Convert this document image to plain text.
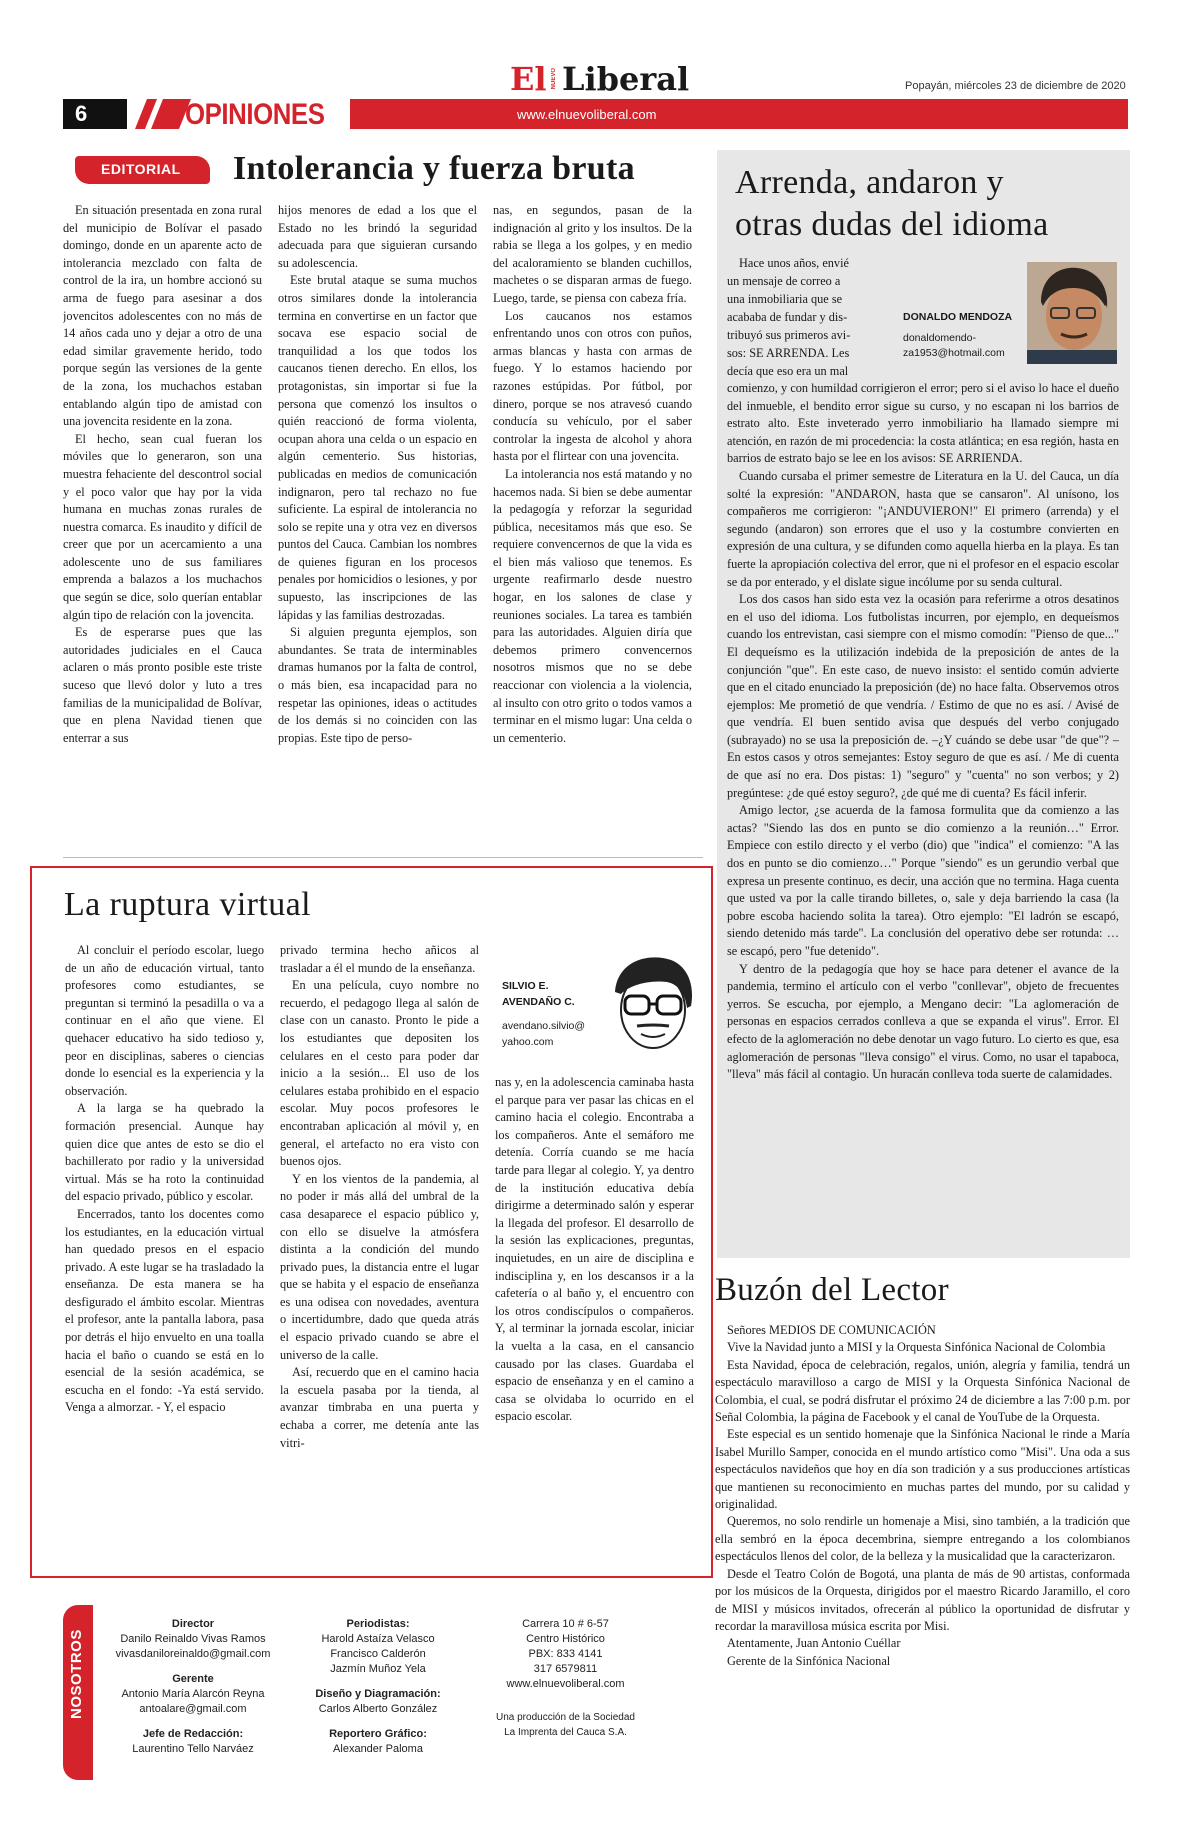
El NUEVO Liberal	Popayán, miércoles 23 de diciembre de 2020
6	OPINIONES	www.elnuevoliberal.com
EDITORIAL Intolerancia y fuerza bruta

En situación presentada en zona rural del municipio de Bolívar el pasado domingo, donde en un aparente acto de intolerancia mezclado con falta de control de la ira, un hombre accionó su arma de fuego para asesinar a dos jovencitos adolescentes con no más de 14 años cada uno y dejar a otro de una edad similar gravemente herido, todo porque según las versiones de la gente de la zona, los muchachos estaban entablando algún tipo de amistad con una jovencita residente en la zona.

El hecho, sean cual fueran los móviles que lo generaron, son una muestra fehaciente del descontrol social y el poco valor que hay por la vida humana en muchas zonas rurales de nuestra comarca. Es inaudito y difícil de creer que por un acercamiento a una adolescente uno de sus familiares emprenda a balazos a los muchachos que según se dice, solo querían entablar algún tipo de relación con la jovencita.

Es de esperarse pues que las autoridades judiciales en el Cauca aclaren o más pronto posible este triste suceso que llevó dolor y luto a tres familias de la municipalidad de Bolívar, que en plena Navidad tienen que enterrar a sus

hijos menores de edad a los que el Estado no les brindó la seguridad adecuada para que siguieran cursando su adolescencia.

Este brutal ataque se suma muchos otros similares donde la intolerancia termina en convertirse en un factor que socava ese espacio social de tranquilidad a los que todos los caucanos tienen derecho. En ellos, los protagonistas, sin importar si fue la persona que comenzó los insultos o quién reaccionó de forma violenta, ocupan ahora una celda o un espacio en algún cementerio. Sus historias, publicadas en medios de comunicación indignaron, pero tal rechazo no fue suficiente. La espiral de intolerancia no solo se repite una y otra vez en diversos puntos del Cauca. Cambian los nombres de quienes figuran en los procesos penales por homicidios o lesiones, y por supuesto, las inscripciones de las lápidas y las familias destrozadas.

Si alguien pregunta ejemplos, son abundantes. Se trata de interminables dramas humanos por la falta de control, o más bien, esa incapacidad para no respetar las opiniones, ideas o actitudes de los demás si no coinciden con las propias. Este tipo de perso-

nas, en segundos, pasan de la indignación al grito y los insultos. De la rabia se llega a los golpes, y en medio del acaloramiento se blanden cuchillos, machetes o se disparan armas de fuego. Luego, tarde, se piensa con cabeza fría.

Los caucanos nos estamos enfrentando unos con otros con puños, armas blancas y hasta con armas de fuego. Y lo estamos haciendo por razones estúpidas. Por fútbol, por dinero, porque se nos atravesó cuando conducía su vehículo, por el saber controlar la ingesta de alcohol y ahora hasta por el flirtear con una jovencita.

La intolerancia nos está matando y no hacemos nada. Si bien se debe aumentar la pedagogía y reforzar la seguridad pública, necesitamos más que eso. Se requiere convencernos de que la vida es el bien más valioso que tenemos. Es urgente reafirmarlo desde nuestro hogar, en los salones de clase y reuniones sociales. La tarea es también para las autoridades. Alguien diría que debemos primero convencernos nosotros mismos que no se debe reaccionar con violencia a la violencia, al insulto con otro grito o todos vamos a terminar en el mismo lugar: Una celda o un cementerio.

La ruptura virtual

Al concluir el período escolar, luego de un año de educación virtual, tanto profesores como estudiantes, se preguntan si terminó la pesadilla o va a continuar en el año que viene. El quehacer educativo ha sido tedioso y, peor en disciplinas, saberes o ciencias donde lo esencial es la experiencia y la observación.

A la larga se ha quebrado la formación presencial. Aunque hay quien dice que antes de esto se dio el bachillerato por radio y la universidad virtual. Más se ha roto la continuidad del espacio privado, público y escolar.

Encerrados, tanto los docentes como los estudiantes, en la educación virtual han quedado presos en el espacio privado. A este lugar se ha trasladado la enseñanza. De esta manera se ha desfigurado el ámbito escolar. Mientras el profesor, ante la pantalla labora, pasa por detrás el hijo envuelto en una toalla hacia el baño o cuando se está en lo esencial de la sesión académica, se escucha en el fondo: -Ya está servido. Venga a almorzar. - Y, el espacio

privado termina hecho añicos al trasladar a él el mundo de la enseñanza.

En una película, cuyo nombre no recuerdo, el pedagogo llega al salón de clase con un canasto. Pronto le pide a los estudiantes que depositen los celulares en el cesto para poder dar inicio a la sesión... El uso de los celulares estaba prohibido en el espacio escolar. Muy pocos profesores le encontraban aplicación al móvil y, en general, el artefacto no era visto con buenos ojos.

Y en los vientos de la pandemia, al no poder ir más allá del umbral de la casa desaparece el espacio público y, con ello se disuelve la atmósfera distinta a la condición del mundo privado pues, la distancia entre el lugar que se habita y el espacio de enseñanza es una odisea con novedades, aventura o incertidumbre, dado que queda atrás el espacio privado cuando se abre el universo de la calle.

Así, recuerdo que en el camino hacia la escuela pasaba por la tienda, al avanzar timbraba en una puerta y echaba a correr, me detenía ante las vitri-

SILVIO E.
AVENDAÑO C.
avendano.silvio@
yahoo.com

nas y, en la adolescencia caminaba hasta el parque para ver pasar las chicas en el camino hacia el colegio. Encontraba a los compañeros. Ante el semáforo me detenía. Corría cuando se me hacía tarde para llegar al colegio. Y, ya dentro de la institución educativa debía dirigirme a determinado salón y esperar la llegada del profesor. El desarrollo de la sesión las explicaciones, preguntas, inquietudes, en un aire de disciplina e indisciplina y, en los descansos ir a la cafetería o al baño y, el encuentro con los otros condiscípulos o compañeros. Y, al terminar la jornada escolar, iniciar la vuelta a la casa, en el cansancio causado por las clases. Guardaba el espacio de enseñanza y en el camino a casa se olvidaba lo ocurrido en el espacio escolar.

Arrenda, andaron y
otras dudas del idioma
Hace unos años, envié
un mensaje de correo a
una inmobiliaria que se
acababa de fundar y dis-
tribuyó sus primeros avi-
sos: SE ARRENDA. Les
decía que eso era un mal
DONALDO MENDOZA
donaldomendo-
za1953@hotmail.com

comienzo, y con humildad corrigieron el error; pero si el aviso lo hace el dueño del inmueble, el bendito error sigue su curso, y no escapan ni los barrios de estrato alto. Este inveterado yerro inmobiliario ha llamado siempre mi atención, en razón de mi procedencia: la costa atlántica; en esa región, hasta en barrios de estrato bajo se lee en los avisos: SE ARRIENDA.

Cuando cursaba el primer semestre de Literatura en la U. del Cauca, un día solté la expresión: "ANDARON, hasta que se cansaron". Al unísono, los compañeros me corrigieron: "¡ANDUVIERON!" El primero (arrenda) y el segundo (andaron) son errores que el uso y la costumbre convierten en expresión de una cultura, y se difunden como aquella hierba en la playa. Es tan fuerte la apropiación colectiva del error, que ni el profesor en el espacio escolar se da por enterado, y el dislate sigue incólume por su senda cultural.

Los dos casos han sido esta vez la ocasión para referirme a otros desatinos en el uso del idioma. Los futbolistas incurren, por ejemplo, en dequeísmos cuando los entrevistan, casi siempre con el mismo comodín: "Pienso de que..." El dequeísmo es la utilización indebida de la preposición de antes de la conjunción "que". En este caso, de nuevo insisto: el sentido común advierte que en el citado enunciado la preposición (de) no hace falta. Observemos otros ejemplos: Me prometió de que vendría. / Estimo de que no es así. / Avisé de que vendría. El buen sentido avisa que después del verbo conjugado (subrayado) no se usa la preposición de. –¿Y cuándo se debe usar "de que"? –En estos casos y otros semejantes: Estoy seguro de que es así. / Me di cuenta de que así no era. Dos pistas: 1) "seguro" y "cuenta" no son verbos; y 2) pregúntese: ¿de qué estoy seguro?, ¿de qué me di cuenta? Es fácil inferir.

Amigo lector, ¿se acuerda de la famosa formulita que da comienzo a las actas? "Siendo las dos en punto se dio comienzo a la reunión…" Error. Empiece con estilo directo y el verbo (dio) que "indica" el comienzo: "A las dos en punto se dio comienzo…" Porque "siendo" es un gerundio verbal que expresa un presente continuo, es decir, una acción que no termina. Haga cuenta que usted va por la calle tirando billetes, o, sale y deja barriendo la casa (la pobre escoba haciendo solita la tarea). Otro ejemplo: "El ladrón se escapó, siendo detenido más tarde". La conclusión del operativo debe ser rotunda: … se escapó, pero "fue detenido".

Y dentro de la pedagogía que hoy se hace para detener el avance de la pandemia, termino el artículo con el verbo "conllevar", objeto de frecuentes yerros. Se escucha, por ejemplo, a Mengano decir: "La aglomeración de personas en espacios cerrados conlleva a que se expanda el virus". Error. El efecto de la aglomeración no debe denotar un vago futuro. Lo cierto es que, esa aglomeración de personas "lleva consigo" el virus. Como, no usar el tapaboca, "lleva" más fácil al contagio. Un huracán conlleva toda suerte de calamidades.

Buzón del Lector

Señores MEDIOS DE COMUNICACIÓN

Vive la Navidad junto a MISI y la Orquesta Sinfónica Nacional de Colombia

Esta Navidad, época de celebración, regalos, unión, alegría y familia, tendrá un espectáculo maravilloso a cargo de MISI y la Orquesta Sinfónica Nacional de Colombia, el cual, se podrá disfrutar el próximo 24 de diciembre a las 7:00 p.m. por Señal Colombia, la página de Facebook y el canal de YouTube de la Orquesta.

Este especial es un sentido homenaje que la Sinfónica Nacional le rinde a María Isabel Murillo Samper, conocida en el mundo artístico como "Misi". Una oda a sus espectáculos navideños que hoy en día son tradición y a sus producciones artísticas que mantienen su reconocimiento en muchas partes del mundo, por su calidad y originalidad.

Queremos, no solo rendirle un homenaje a Misi, sino también, a la tradición que ella sembró en la época decembrina, siempre entregando a los colombianos espectáculos llenos del color, de la belleza y la musicalidad que la caracterizaron.

Desde el Teatro Colón de Bogotá, una planta de más de 90 artistas, conformada por los músicos de la Orquesta, dirigidos por el maestro Ricardo Jaramillo, el coro de MISI y músicos invitados, ofrecerán al público la oportunidad de disfrutar y recordar la maravillosa música escrita por Misi.

Atentamente, Juan Antonio Cuéllar

Gerente de la Sinfónica Nacional

NOSOTROS
Director
Danilo Reinaldo Vivas Ramos
vivasdaniloreinaldo@gmail.com
Gerente
Antonio María Alarcón Reyna
antoalare@gmail.com
Jefe de Redacción:
Laurentino Tello Narváez
Periodistas:
Harold Astaíza Velasco
Francisco Calderón
Jazmín Muñoz Yela
Diseño y Diagramación:
Carlos Alberto González
Reportero Gráfico:
Alexander Paloma
Carrera 10 # 6-57
Centro Histórico
PBX: 833 4141
317 6579811
www.elnuevoliberal.com
Una producción de la Sociedad
La Imprenta del Cauca S.A.
